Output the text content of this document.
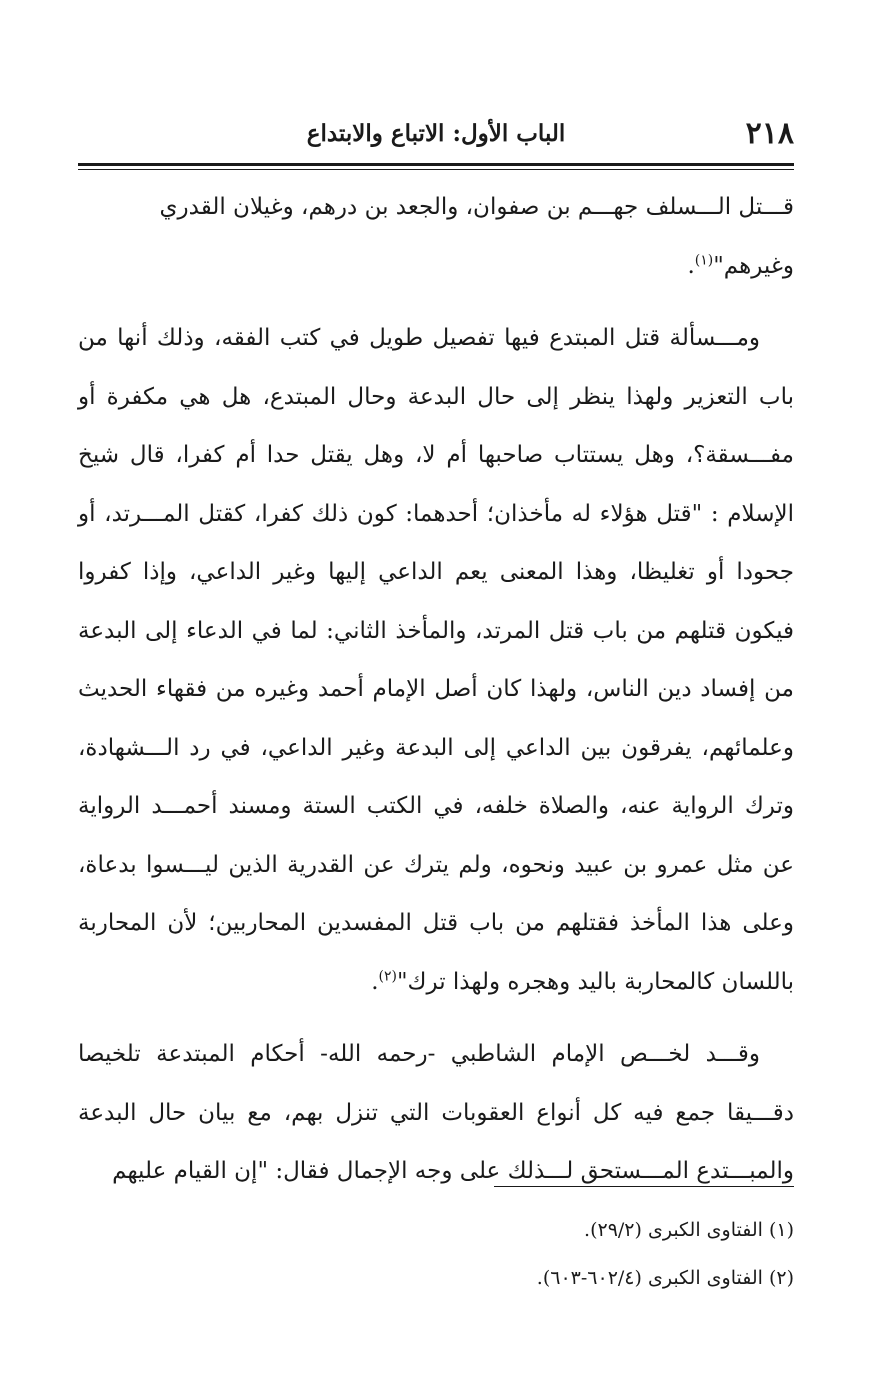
٢١٨
الباب الأول: الاتباع والابتداع

قـــتل الـــسلف جهـــم بن صفوان، والجعد بن درهم، وغيلان القدري
وغيرهم"$^{(١)}$.

ومـــسألة قتل المبتدع فيها تفصيل طويل في كتب الفقه، وذلك أنها من باب التعزير ولهذا ينظر إلى حال البدعة وحال المبتدع، هل هي مكفرة أو مفـــسقة؟، وهل يستتاب صاحبها أم لا، وهل يقتل حدا أم كفرا، قال شيخ الإسلام : "قتل هؤلاء له مأخذان؛ أحدهما: كون ذلك كفرا، كقتل المـــرتد، أو جحودا أو تغليظا، وهذا المعنى يعم الداعي إليها وغير الداعي، وإذا كفروا فيكون قتلهم من باب قتل المرتد، والمأخذ الثاني: لما في الدعاء إلى البدعة من إفساد دين الناس، ولهذا كان أصل الإمام أحمد وغيره من فقهاء الحديث وعلمائهم، يفرقون بين الداعي إلى البدعة وغير الداعي، في رد الـــشهادة، وترك الرواية عنه، والصلاة خلفه، في الكتب الستة ومسند أحمـــد الرواية عن مثل عمرو بن عبيد ونحوه، ولم يترك عن القدرية الذين ليـــسوا بدعاة، وعلى هذا المأخذ فقتلهم من باب قتل المفسدين المحاربين؛ لأن المحاربة باللسان كالمحاربة باليد وهجره ولهذا ترك"$^{(٢)}$.

وقـــد لخـــص الإمام الشاطبي -رحمه الله- أحكام المبتدعة تلخيصا دقـــيقا جمع فيه كل أنواع العقوبات التي تنزل بهم، مع بيان حال البدعة والمبـــتدع المـــستحق لـــذلك على وجه الإجمال فقال: "إن القيام عليهم

(١) الفتاوى الكبرى (٢٩/٢).
(٢) الفتاوى الكبرى (٦٠٢/٤-٦٠٣).
